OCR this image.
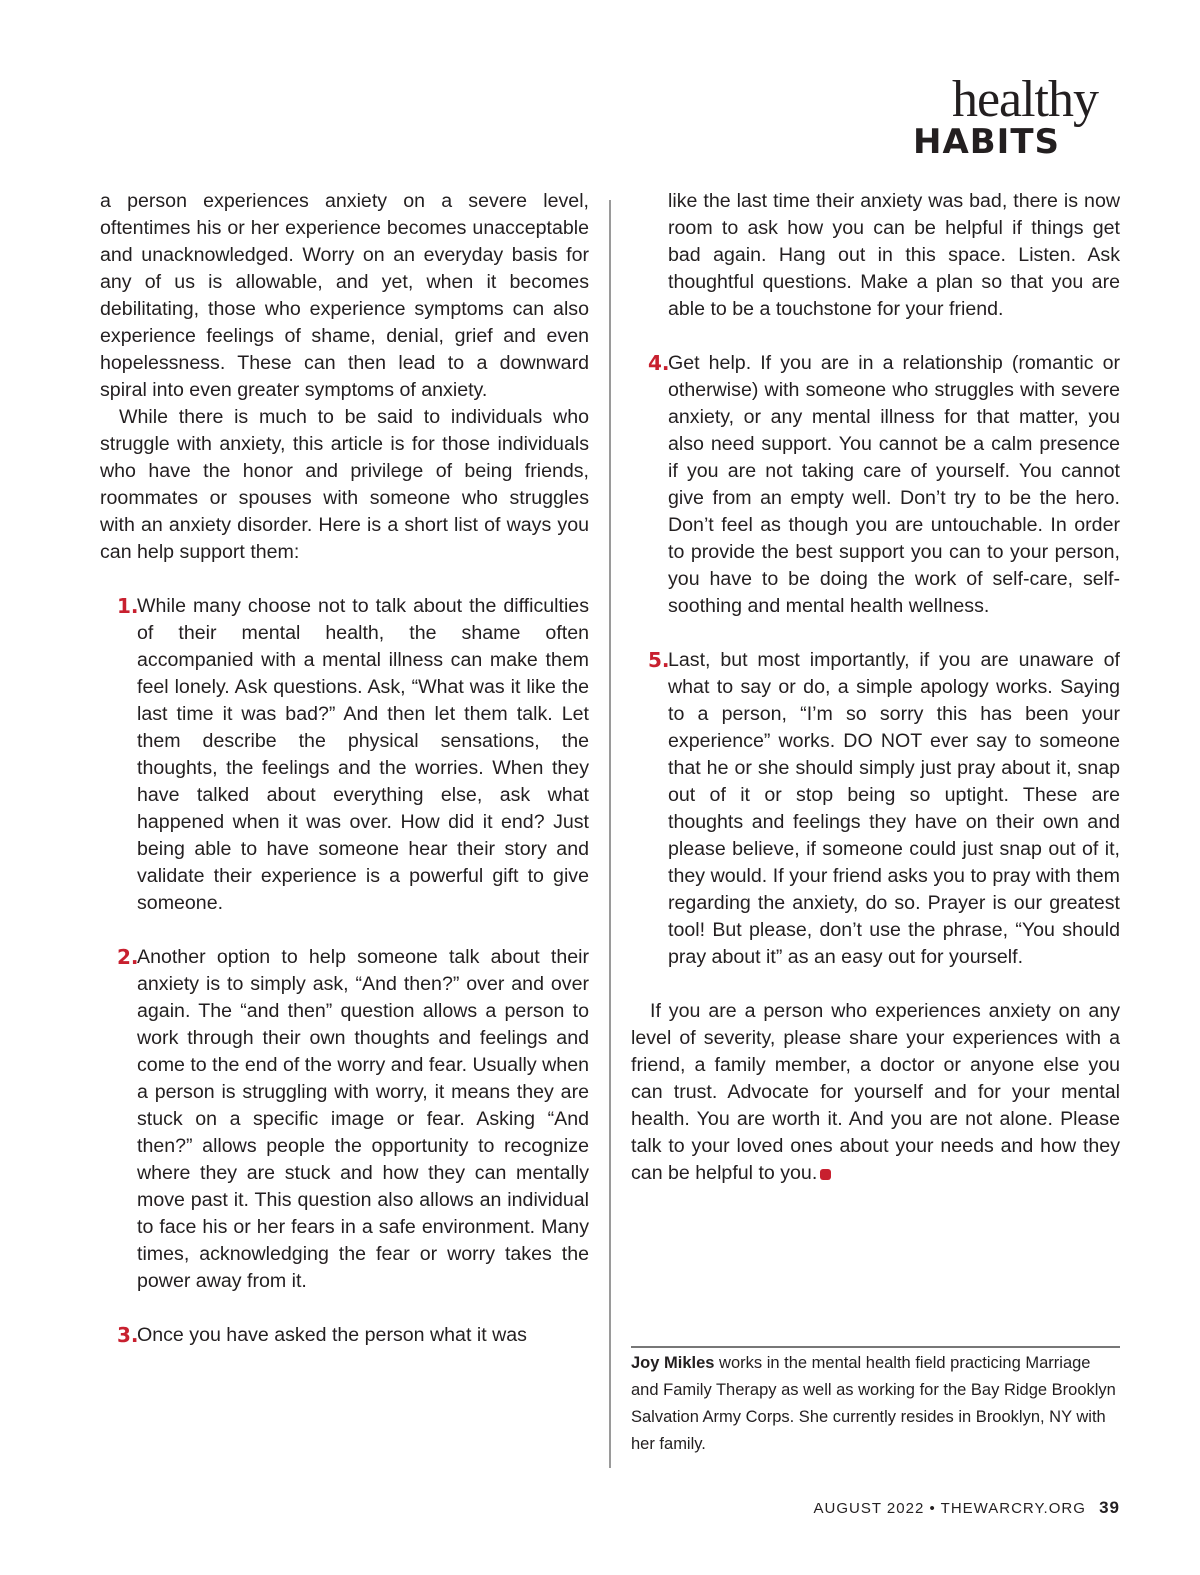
healthy
HABITS

a person experiences anxiety on a severe level, oftentimes his or her experience becomes unacceptable and unacknowledged. Worry on an everyday basis for any of us is allowable, and yet, when it becomes debilitating, those who experience symptoms can also experience feelings of shame, denial, grief and even hopelessness. These can then lead to a downward spiral into even greater symptoms of anxiety.

While there is much to be said to individuals who struggle with anxiety, this article is for those individuals who have the honor and privilege of being friends, roommates or spouses with someone who struggles with an anxiety disorder. Here is a short list of ways you can help support them:

1.
While many choose not to talk about the difficulties of their mental health, the shame often accompanied with a mental illness can make them feel lonely. Ask questions. Ask, “What was it like the last time it was bad?” And then let them talk. Let them describe the physical sensations, the thoughts, the feelings and the worries. When they have talked about everything else, ask what happened when it was over. How did it end? Just being able to have someone hear their story and validate their experience is a powerful gift to give someone.

2.
Another option to help someone talk about their anxiety is to simply ask, “And then?” over and over again. The “and then” question allows a person to work through their own thoughts and feelings and come to the end of the worry and fear. Usually when a person is struggling with worry, it means they are stuck on a specific image or fear. Asking “And then?” allows people the opportunity to recognize where they are stuck and how they can mentally move past it. This question also allows an individual to face his or her fears in a safe environment. Many times, acknowledging the fear or worry takes the power away from it.

3.
Once you have asked the person what it was

like the last time their anxiety was bad, there is now room to ask how you can be helpful if things get bad again. Hang out in this space. Listen. Ask thoughtful questions. Make a plan so that you are able to be a touchstone for your friend.

4.
Get help. If you are in a relationship (romantic or otherwise) with someone who struggles with severe anxiety, or any mental illness for that matter, you also need support. You cannot be a calm presence if you are not taking care of yourself. You cannot give from an empty well. Don’t try to be the hero. Don’t feel as though you are untouchable. In order to provide the best support you can to your person, you have to be doing the work of self-care, self-soothing and mental health wellness.

5.
Last, but most importantly, if you are unaware of what to say or do, a simple apology works. Saying to a person, “I’m so sorry this has been your experience” works. DO NOT ever say to someone that he or she should simply just pray about it, snap out of it or stop being so uptight. These are thoughts and feelings they have on their own and please believe, if someone could just snap out of it, they would. If your friend asks you to pray with them regarding the anxiety, do so. Prayer is our greatest tool! But please, don’t use the phrase, “You should pray about it” as an easy out for yourself.

If you are a person who experiences anxiety on any level of severity, please share your experiences with a friend, a family member, a doctor or anyone else you can trust. Advocate for yourself and for your mental health. You are worth it. And you are not alone. Please talk to your loved ones about your needs and how they can be helpful to you.

Joy Mikles works in the mental health field practicing Marriage and Family Therapy as well as working for the Bay Ridge Brooklyn Salvation Army Corps. She currently resides in Brooklyn, NY with her family.
AUGUST 2022 • THEWARCRY.ORG 39
